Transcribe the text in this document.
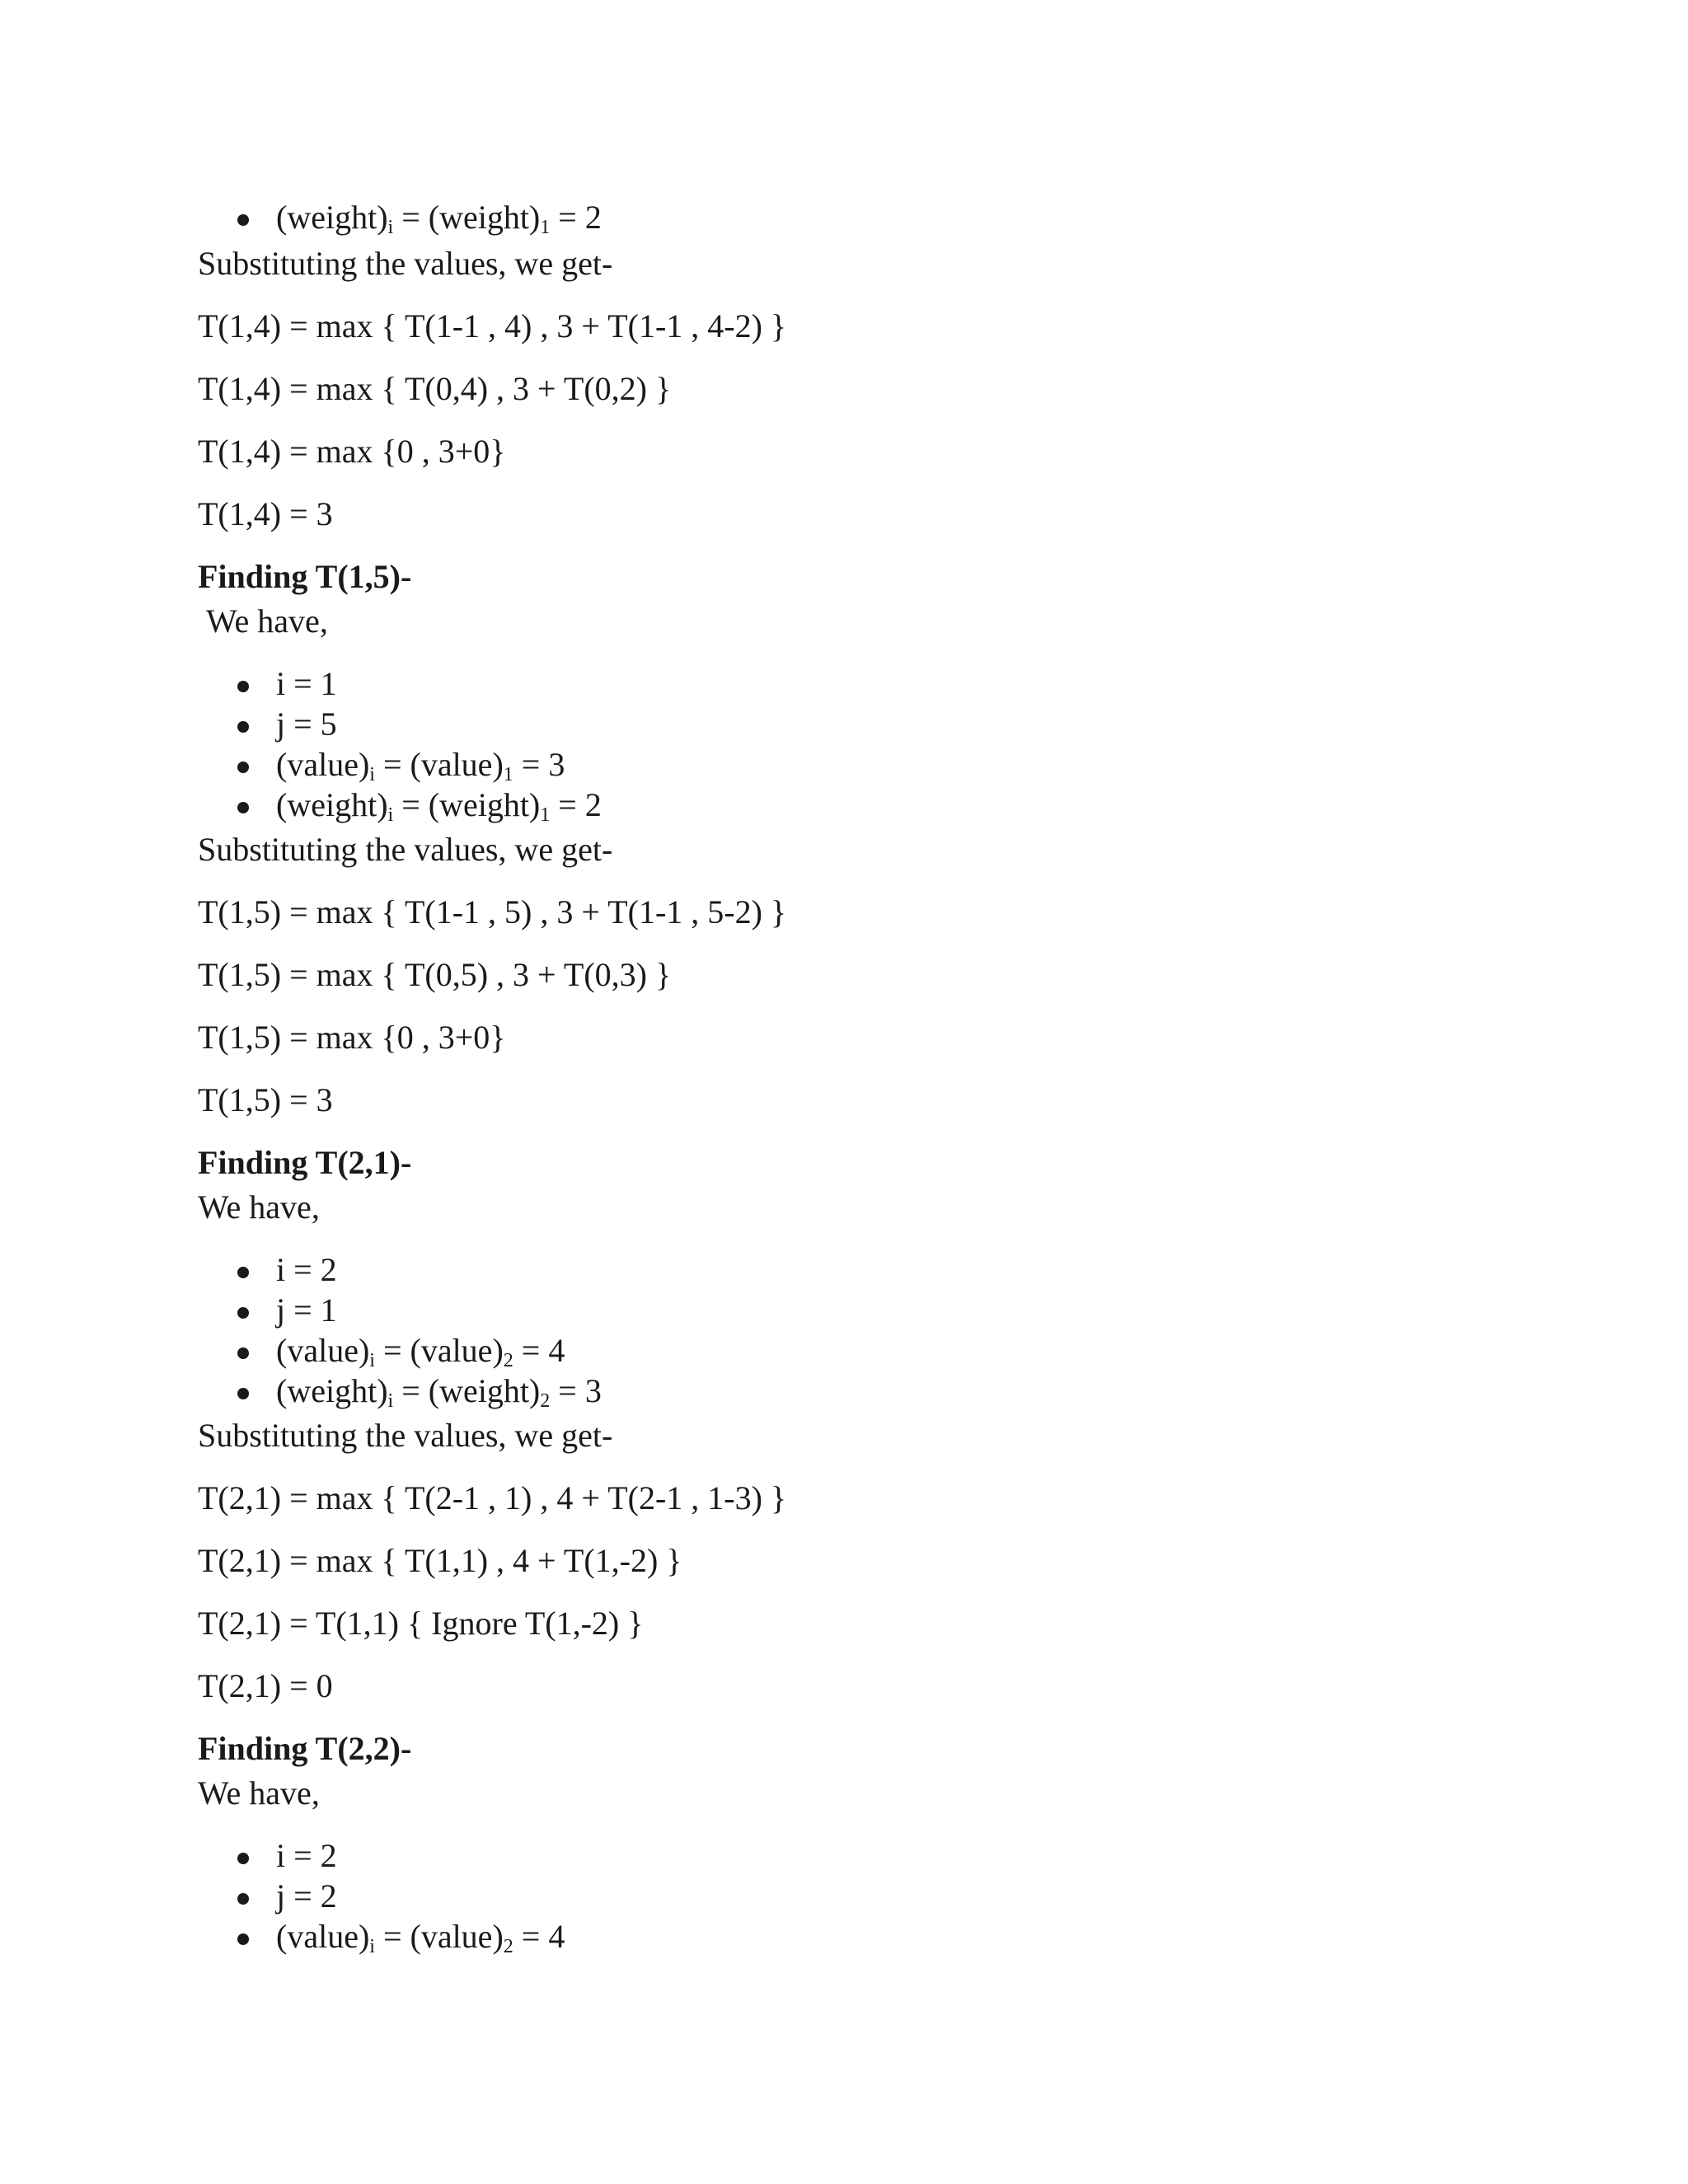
$(weight)_i$ = $(weight)_1 = 2$
Substituting the values, we get-
T(1,4) = max { T(1-1 , 4) , 3 + T(1-1 , 4-2) }
T(1,4) = max { T(0,4) , 3 + T(0,2) }
T(1,4) = max {0 , 3+0}
T(1,4) = 3
Finding T(1,5)-
We have,
i = 1
j = 5
$(value)_i$ = $(value)_1 = 3$
$(weight)_i$ = $(weight)_1 = 2$
Substituting the values, we get-
T(1,5) = max { T(1-1 , 5) , 3 + T(1-1 , 5-2) }
T(1,5) = max { T(0,5) , 3 + T(0,3) }
T(1,5) = max {0 , 3+0}
T(1,5) = 3
Finding T(2,1)-
We have,
i = 2
j = 1
$(value)_i$ = $(value)_2 = 4$
$(weight)_i$ = $(weight)_2 = 3$
Substituting the values, we get-
T(2,1) = max { T(2-1 , 1) , 4 + T(2-1 , 1-3) }
T(2,1) = max { T(1,1) , 4 + T(1,-2) }
T(2,1) = T(1,1) { Ignore T(1,-2) }
T(2,1) = 0
Finding T(2,2)-
We have,
i = 2
j = 2
$(value)_i$ = $(value)_2 = 4$
